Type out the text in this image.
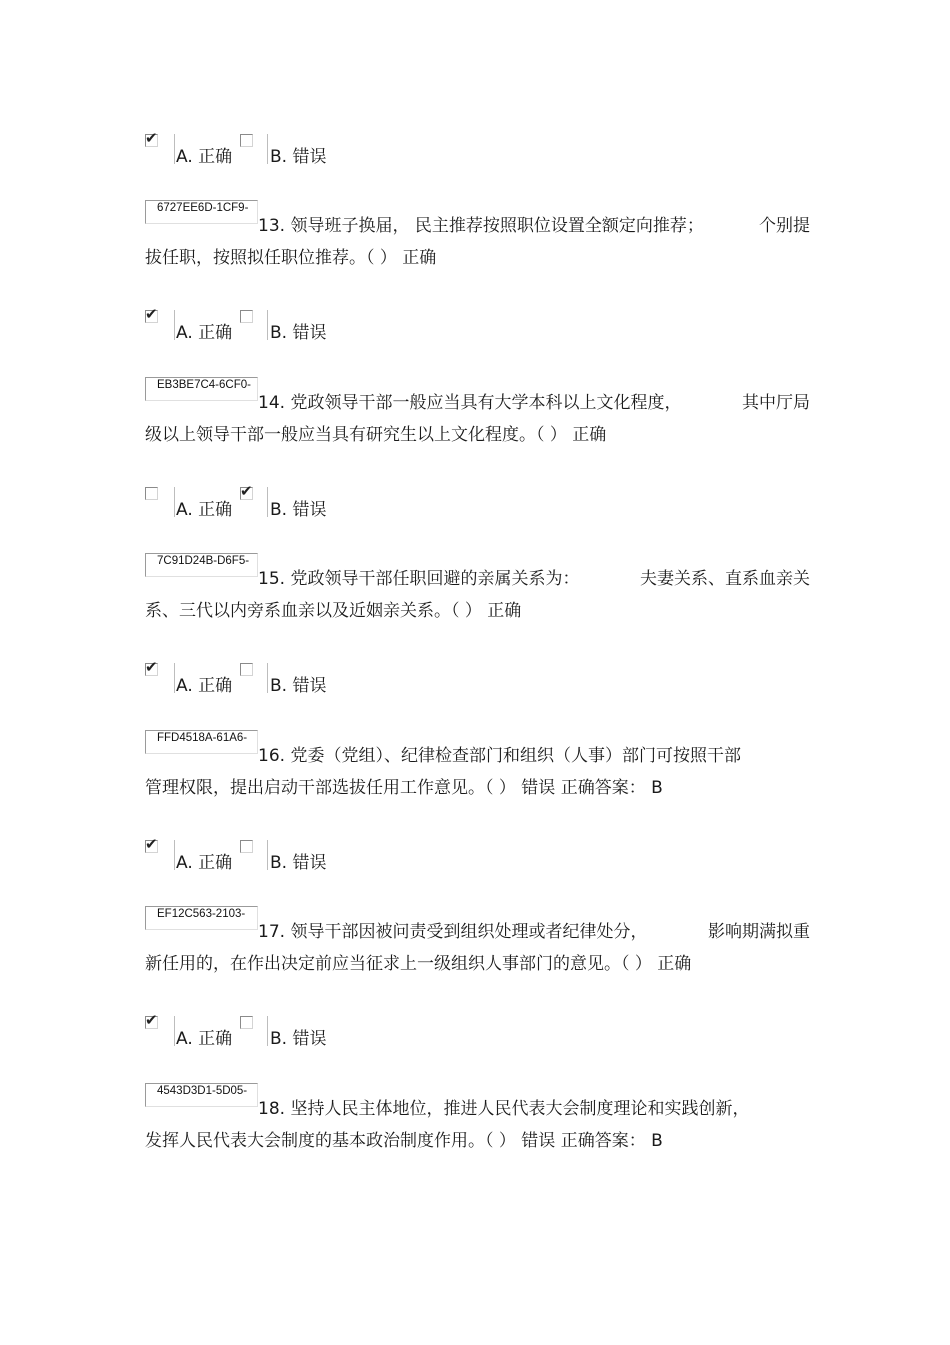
✔
A. 正确 B. 错误
6727EE6D-1CF9-
13. 领导班子换届， 民主推荐按照职位设置全额定向推荐；	个别提
拔任职，按照拟任职位推荐。（ ） 正确
✔
A. 正确 B. 错误
EB3BE7C4-6CF0-
14. 党政领导干部一般应当具有大学本科以上文化程度，	其中厅局
级以上领导干部一般应当具有研究生以上文化程度。（ ） 正确
A. 正确
✔
B. 错误
7C91D24B-D6F5-
15. 党政领导干部任职回避的亲属关系为：	夫妻关系、直系血亲关
系、三代以内旁系血亲以及近姻亲关系。（ ） 正确
✔
A. 正确 B. 错误
FFD4518A-61A6-
16. 党委（党组）、纪律检查部门和组织（人事）部门可按照干部
管理权限，提出启动干部选拔任用工作意见。（ ） 错误 正确答案： B
✔
A. 正确 B. 错误
EF12C563-2103-
17. 领导干部因被问责受到组织处理或者纪律处分，	影响期满拟重
新任用的，在作出决定前应当征求上一级组织人事部门的意见。（ ） 正确
✔
A. 正确 B. 错误
4543D3D1-5D05-
18. 坚持人民主体地位，推进人民代表大会制度理论和实践创新，
发挥人民代表大会制度的基本政治制度作用。（ ） 错误 正确答案： B
